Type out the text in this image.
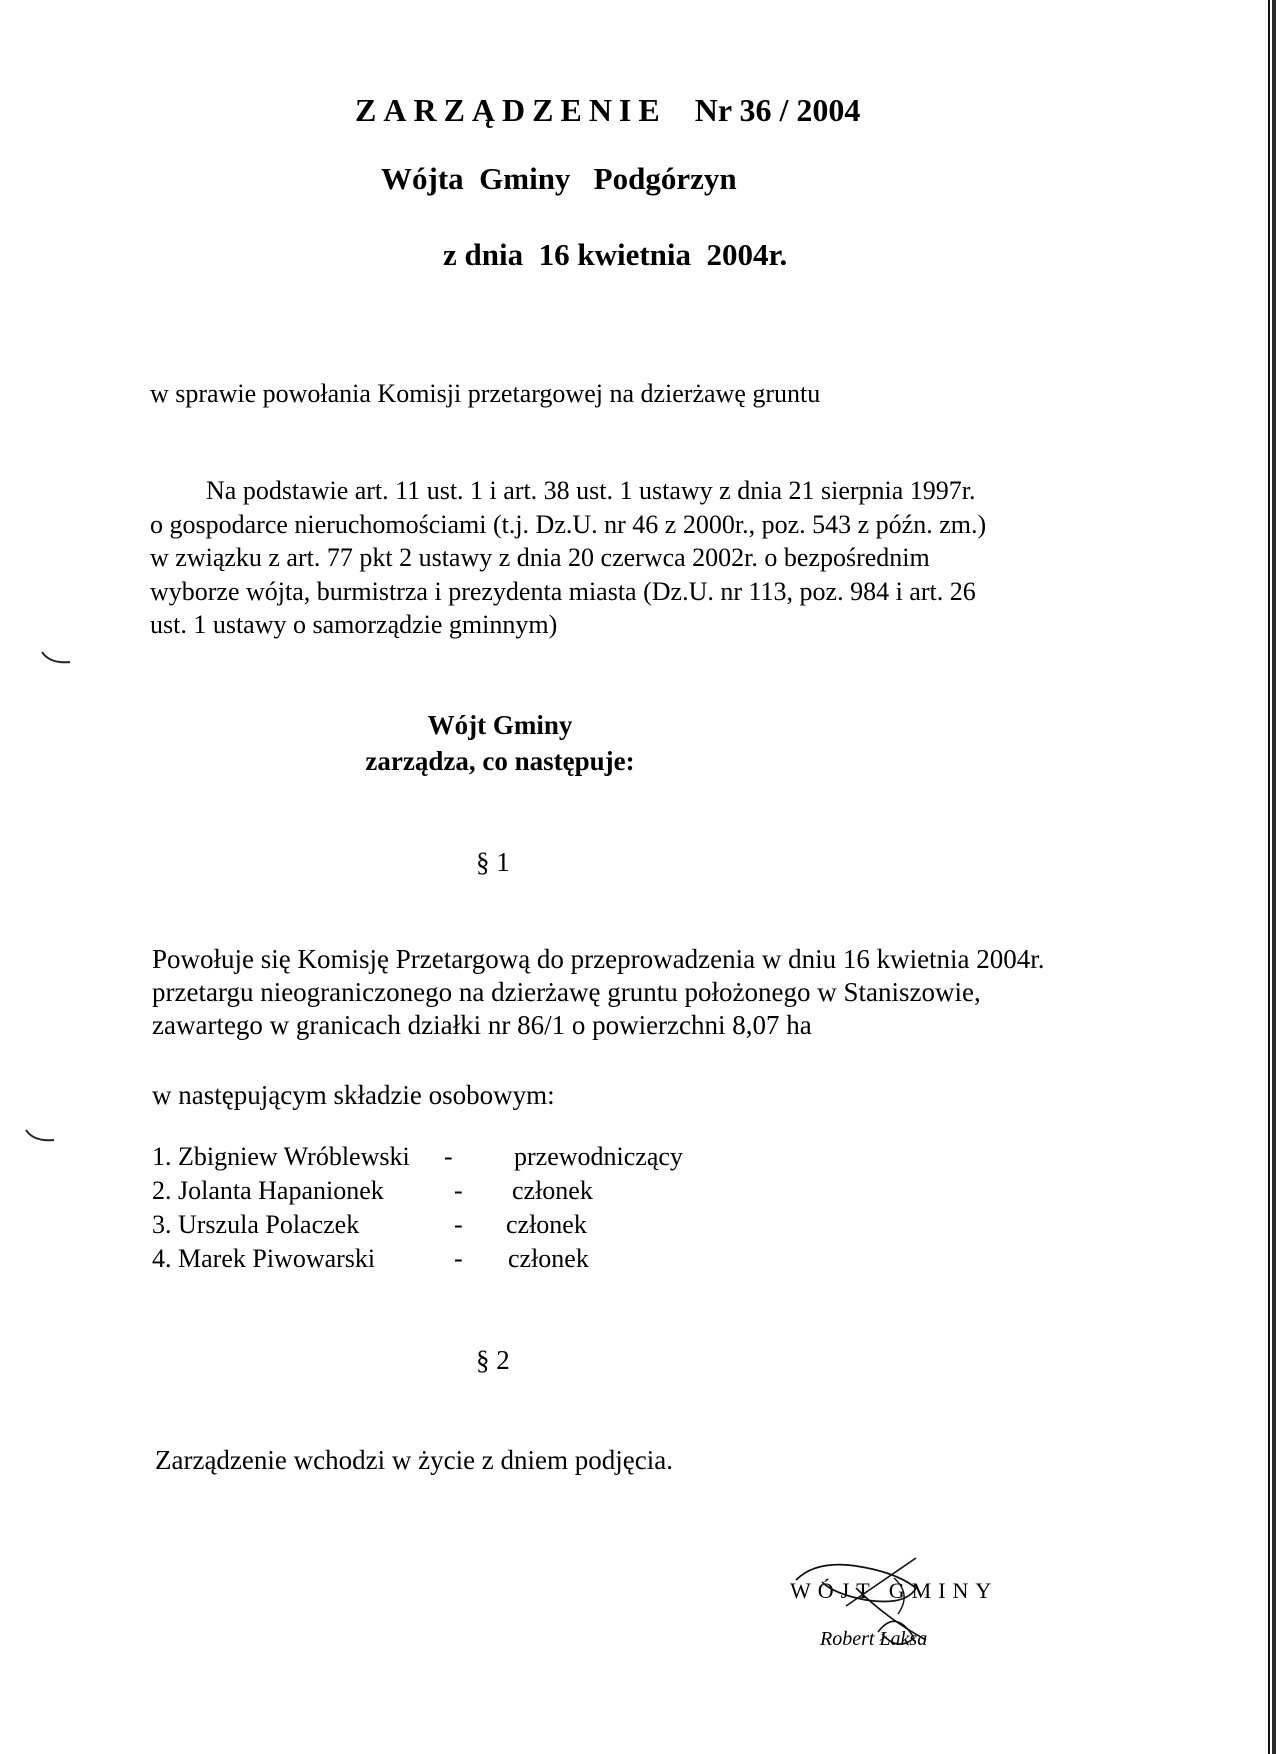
ZARZĄDZENIE Nr 36 / 2004
Wójta  Gminy   Podgórzyn
z dnia  16 kwietnia  2004r.
w sprawie powołania Komisji przetargowej na dzierżawę gruntu
Na podstawie art. 11 ust. 1 i art. 38 ust. 1 ustawy z dnia 21 sierpnia 1997r.
o gospodarce nieruchomościami (t.j. Dz.U. nr 46 z 2000r., poz. 543 z późn. zm.)
w związku z art. 77 pkt 2 ustawy z dnia 20 czerwca 2002r. o bezpośrednim
wyborze wójta, burmistrza i prezydenta miasta (Dz.U. nr 113, poz. 984 i art. 26
ust. 1 ustawy o samorządzie gminnym)
Wójt Gminy
zarządza, co następuje:
§ 1
Powołuje się Komisję Przetargową do przeprowadzenia w dniu 16 kwietnia 2004r.
przetargu nieograniczonego na dzierżawę gruntu położonego w Staniszowie,
zawartego w granicach działki nr 86/1 o powierzchni 8,07 ha
w następującym składzie osobowym:
1. Zbigniew Wróblewski - przewodniczący
2. Jolanta Hapanionek	- członek
3. Urszula Polaczek	- członek
4. Marek Piwowarski	- członek
§ 2
Zarządzenie wchodzi w życie z dniem podjęcia.
WÓJT GMINY
Robert Łaksa
